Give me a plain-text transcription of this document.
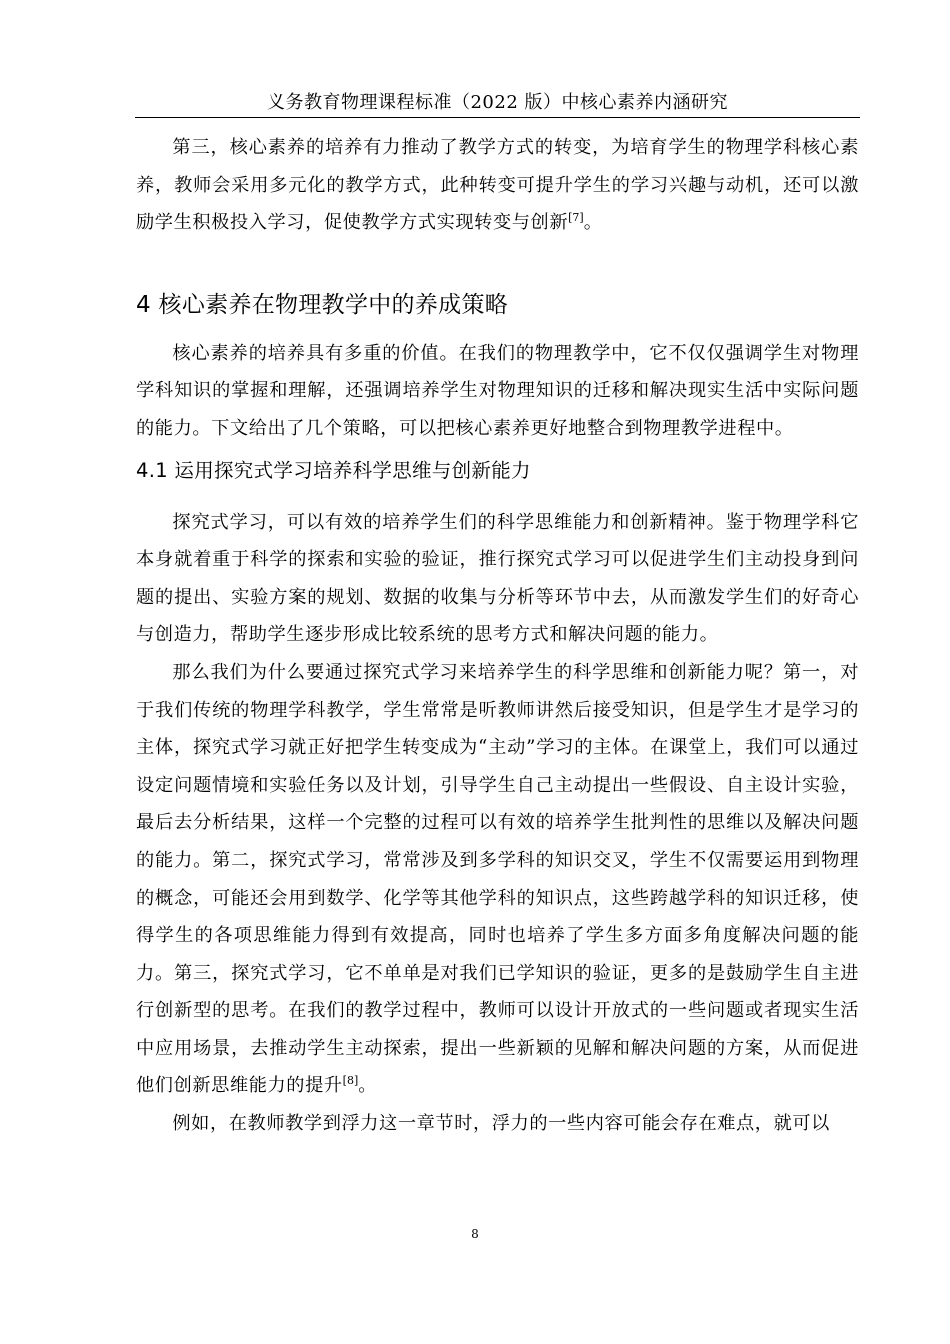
义务教育物理课程标准（2022 版）中核心素养内涵研究

第三，核心素养的培养有力推动了教学方式的转变，为培育学生的物理学科核心素养，教师会采用多元化的教学方式，此种转变可提升学生的学习兴趣与动机，还可以激励学生积极投入学习，促使教学方式实现转变与创新[7]。

4 核心素养在物理教学中的养成策略

核心素养的培养具有多重的价值。在我们的物理教学中，它不仅仅强调学生对物理学科知识的掌握和理解，还强调培养学生对物理知识的迁移和解决现实生活中实际问题的能力。下文给出了几个策略，可以把核心素养更好地整合到物理教学进程中。

4.1 运用探究式学习培养科学思维与创新能力

探究式学习，可以有效的培养学生们的科学思维能力和创新精神。鉴于物理学科它本身就着重于科学的探索和实验的验证，推行探究式学习可以促进学生们主动投身到问题的提出、实验方案的规划、数据的收集与分析等环节中去，从而激发学生们的好奇心与创造力，帮助学生逐步形成比较系统的思考方式和解决问题的能力。

那么我们为什么要通过探究式学习来培养学生的科学思维和创新能力呢？第一，对于我们传统的物理学科教学，学生常常是听教师讲然后接受知识，但是学生才是学习的主体，探究式学习就正好把学生转变成为“主动”学习的主体。在课堂上，我们可以通过设定问题情境和实验任务以及计划，引导学生自己主动提出一些假设、自主设计实验，最后去分析结果，这样一个完整的过程可以有效的培养学生批判性的思维以及解决问题的能力。第二，探究式学习，常常涉及到多学科的知识交叉，学生不仅需要运用到物理的概念，可能还会用到数学、化学等其他学科的知识点，这些跨越学科的知识迁移，使得学生的各项思维能力得到有效提高，同时也培养了学生多方面多角度解决问题的能力。第三，探究式学习，它不单单是对我们已学知识的验证，更多的是鼓励学生自主进行创新型的思考。在我们的教学过程中，教师可以设计开放式的一些问题或者现实生活中应用场景，去推动学生主动探索，提出一些新颖的见解和解决问题的方案，从而促进他们创新思维能力的提升[8]。

例如，在教师教学到浮力这一章节时，浮力的一些内容可能会存在难点，就可以

8
